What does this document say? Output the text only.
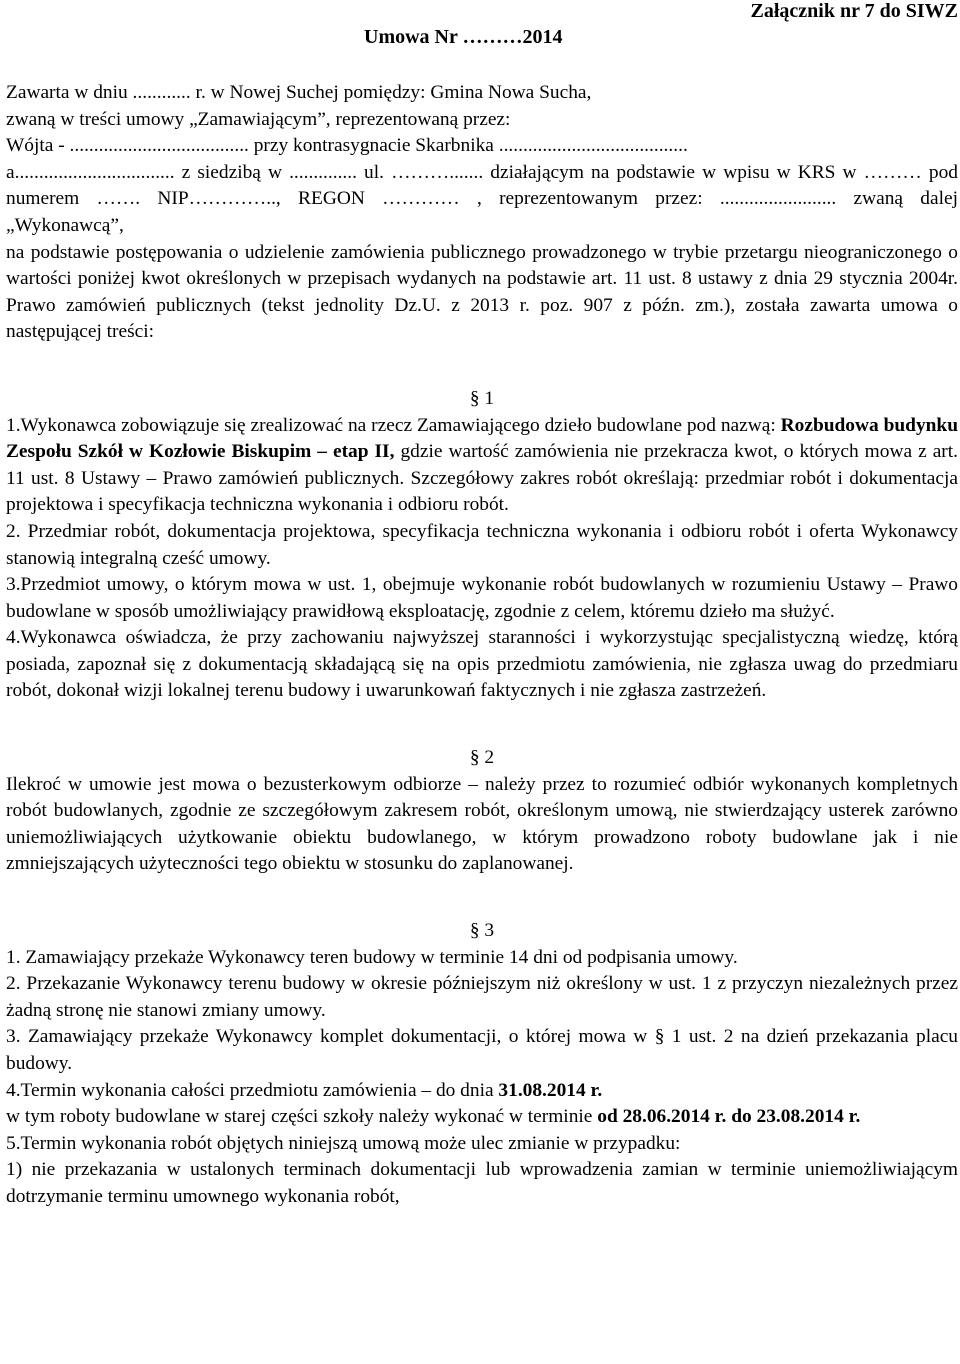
Umowa Nr ………2014
Załącznik nr 7 do SIWZ

Zawarta w dniu ............ r. w Nowej Suchej pomiędzy: Gmina Nowa Sucha,

zwaną w treści umowy „Zamawiającym”, reprezentowaną przez:

Wójta - ..................................... przy kontrasygnacie Skarbnika .......................................

a................................. z siedzibą w .............. ul. ………....... działającym na podstawie w wpisu w KRS w ……… pod numerem ……. NIP………….., REGON ………… , reprezentowanym przez: ........................ zwaną dalej

„Wykonawcą”,

na podstawie postępowania o udzielenie zamówienia publicznego prowadzonego w trybie przetargu nieograniczonego o wartości poniżej kwot określonych w przepisach wydanych na podstawie art. 11 ust. 8 ustawy z dnia 29 stycznia 2004r. Prawo zamówień publicznych (tekst jednolity Dz.U. z 2013 r. poz. 907 z późn. zm.), została zawarta umowa o następującej treści:

§ 1

1.Wykonawca zobowiązuje się zrealizować na rzecz Zamawiającego dzieło budowlane pod nazwą: Rozbudowa budynku Zespołu Szkół w Kozłowie Biskupim – etap II, gdzie wartość zamówienia nie przekracza kwot, o których mowa z art. 11 ust. 8 Ustawy – Prawo zamówień publicznych. Szczegółowy zakres robót określają: przedmiar robót i dokumentacja projektowa i specyfikacja techniczna wykonania i odbioru robót.

2. Przedmiar robót, dokumentacja projektowa, specyfikacja techniczna wykonania i odbioru robót i oferta Wykonawcy stanowią integralną cześć umowy.

3.Przedmiot umowy, o którym mowa w ust. 1, obejmuje wykonanie robót budowlanych w rozumieniu Ustawy – Prawo budowlane w sposób umożliwiający prawidłową eksploatację, zgodnie z celem, któremu dzieło ma służyć.

4.Wykonawca oświadcza, że przy zachowaniu najwyższej staranności i wykorzystując specjalistyczną wiedzę, którą posiada, zapoznał się z dokumentacją składającą się na opis przedmiotu zamówienia, nie zgłasza uwag do przedmiaru robót, dokonał wizji lokalnej terenu budowy i uwarunkowań faktycznych i nie zgłasza zastrzeżeń.

§ 2

Ilekroć w umowie jest mowa o bezusterkowym odbiorze – należy przez to rozumieć odbiór wykonanych kompletnych robót budowlanych, zgodnie ze szczegółowym zakresem robót, określonym umową, nie stwierdzający usterek zarówno uniemożliwiających użytkowanie obiektu budowlanego, w którym prowadzono roboty budowlane jak i nie zmniejszających użyteczności tego obiektu w stosunku do zaplanowanej.

§ 3

1. Zamawiający przekaże Wykonawcy teren budowy w terminie 14 dni od podpisania umowy.

2. Przekazanie Wykonawcy terenu budowy w okresie późniejszym niż określony w ust. 1 z przyczyn niezależnych przez żadną stronę nie stanowi zmiany umowy.

3. Zamawiający przekaże Wykonawcy komplet dokumentacji, o której mowa w § 1 ust. 2 na dzień przekazania placu budowy.

4.Termin wykonania całości przedmiotu zamówienia – do dnia 31.08.2014 r.

w tym roboty budowlane w starej części szkoły należy wykonać w terminie od 28.06.2014 r. do 23.08.2014 r.

5.Termin wykonania robót objętych niniejszą umową może ulec zmianie w przypadku:

1) nie przekazania w ustalonych terminach dokumentacji lub wprowadzenia zamian w terminie uniemożliwiającym dotrzymanie terminu umownego wykonania robót,
